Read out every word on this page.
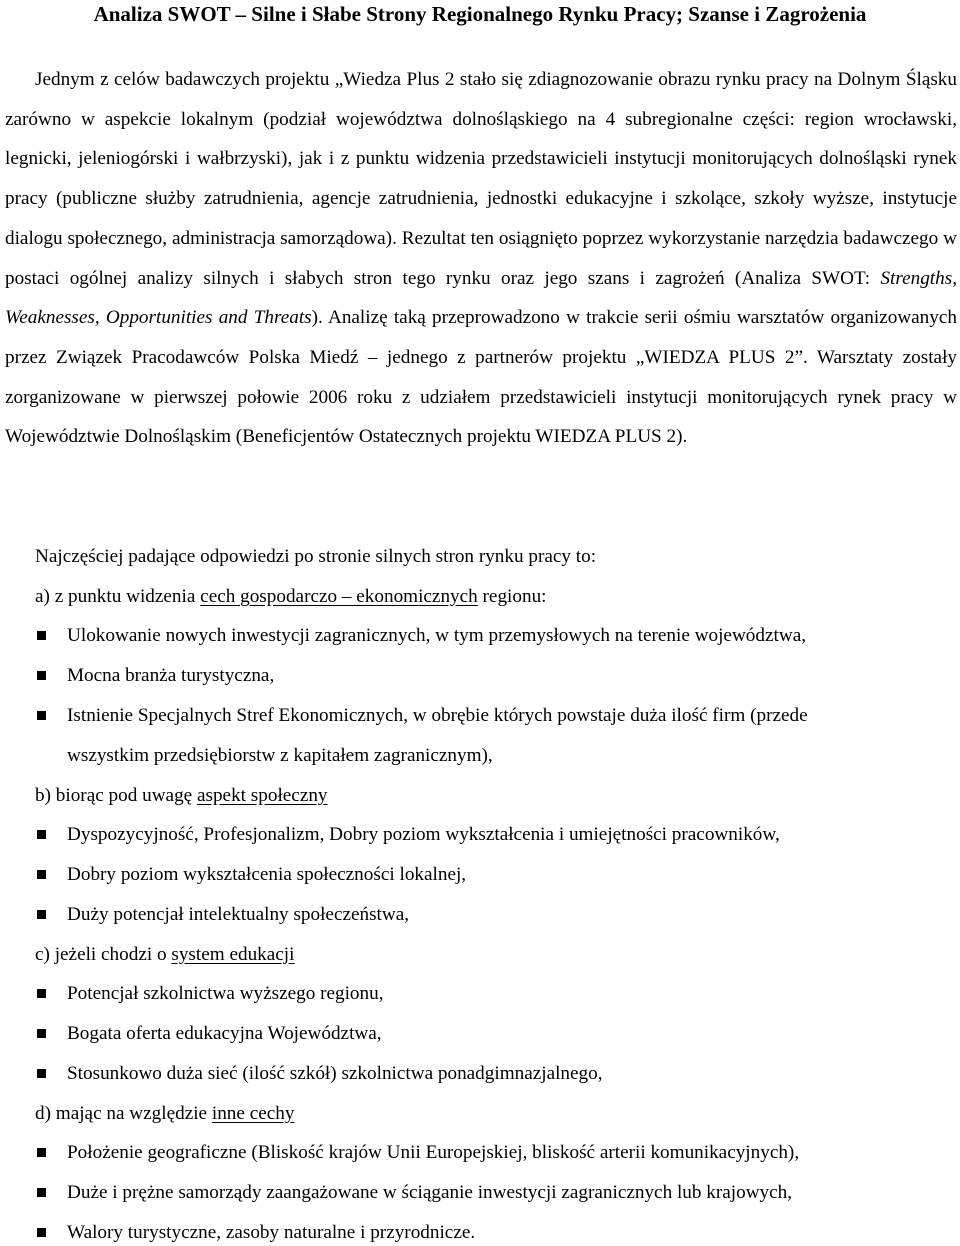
Analiza SWOT – Silne i Słabe Strony Regionalnego Rynku Pracy; Szanse i Zagrożenia
Jednym z celów badawczych projektu „Wiedza Plus 2 stało się zdiagnozowanie obrazu rynku pracy na Dolnym Śląsku zarówno w aspekcie lokalnym (podział województwa dolnośląskiego na 4 subregionalne części: region wrocławski, legnicki, jeleniogórski i wałbrzyski), jak i z punktu widzenia przedstawicieli instytucji monitorujących dolnośląski rynek pracy (publiczne służby zatrudnienia, agencje zatrudnienia, jednostki edukacyjne i szkolące, szkoły wyższe, instytucje dialogu społecznego, administracja samorządowa). Rezultat ten osiągnięto poprzez wykorzystanie narzędzia badawczego w postaci ogólnej analizy silnych i słabych stron tego rynku oraz jego szans i zagrożeń (Analiza SWOT: Strengths, Weaknesses, Opportunities and Threats). Analizę taką przeprowadzono w trakcie serii ośmiu warsztatów organizowanych przez Związek Pracodawców Polska Miedź – jednego z partnerów projektu „WIEDZA PLUS 2”. Warsztaty zostały zorganizowane w pierwszej połowie 2006 roku z udziałem przedstawicieli instytucji monitorujących rynek pracy w Województwie Dolnośląskim (Beneficjentów Ostatecznych projektu WIEDZA PLUS 2).
Najczęściej padające odpowiedzi po stronie silnych stron rynku pracy to:
a) z punktu widzenia cech gospodarczo – ekonomicznych regionu:
Ulokowanie nowych inwestycji zagranicznych, w tym przemysłowych na terenie województwa,
Mocna branża turystyczna,
Istnienie Specjalnych Stref Ekonomicznych, w obrębie których powstaje duża ilość firm (przede
wszystkim przedsiębiorstw z kapitałem zagranicznym),
b) biorąc pod uwagę aspekt społeczny
Dyspozycyjność, Profesjonalizm, Dobry poziom wykształcenia i umiejętności pracowników,
Dobry poziom wykształcenia społeczności lokalnej,
Duży potencjał intelektualny społeczeństwa,
c) jeżeli chodzi o system edukacji
Potencjał szkolnictwa wyższego regionu,
Bogata oferta edukacyjna Województwa,
Stosunkowo duża sieć (ilość szkół) szkolnictwa ponadgimnazjalnego,
d) mając na względzie inne cechy
Położenie geograficzne (Bliskość krajów Unii Europejskiej, bliskość arterii komunikacyjnych),
Duże i prężne samorządy zaangażowane w ściąganie inwestycji zagranicznych lub krajowych,
Walory turystyczne, zasoby naturalne i przyrodnicze.
